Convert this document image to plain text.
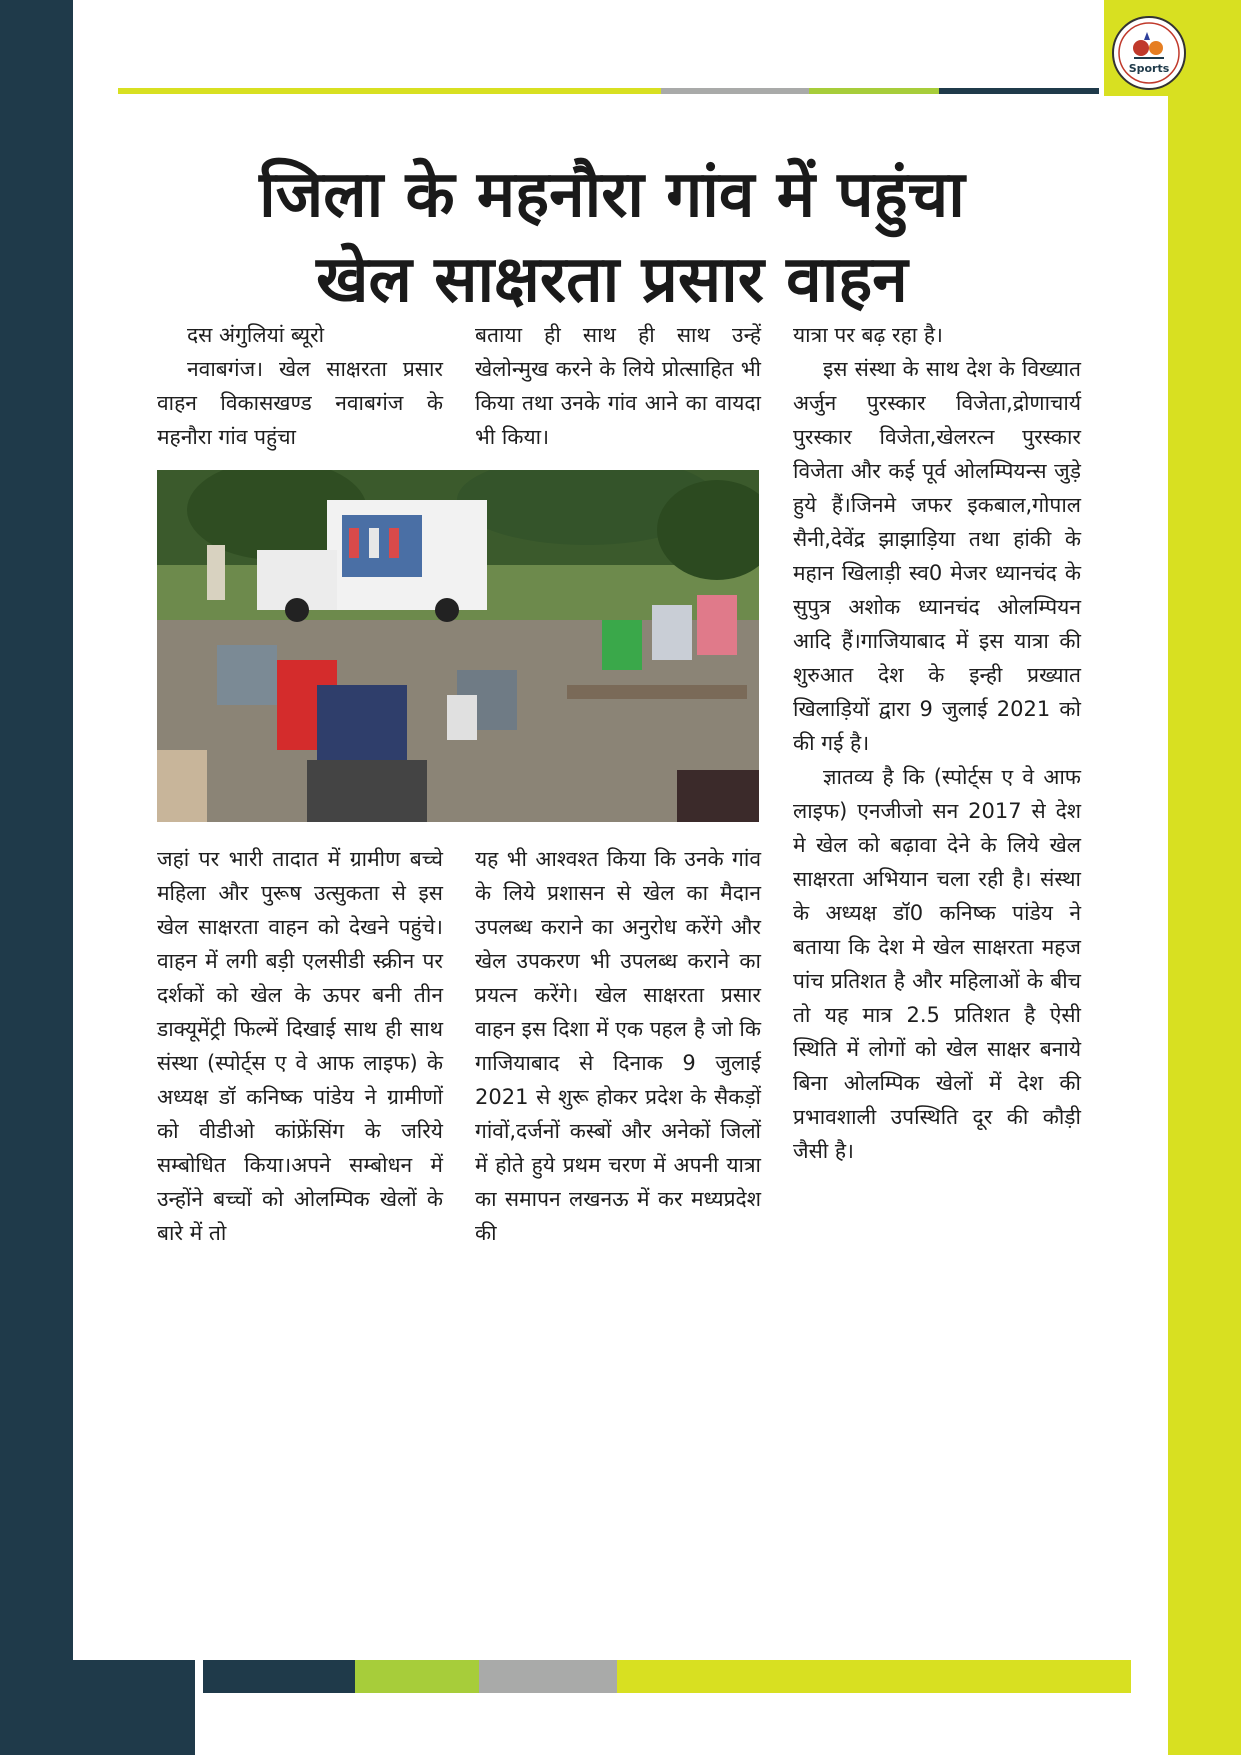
Sports
जिला के महनौरा गांव में पहुंचा
खेल साक्षरता प्रसार वाहन

दस अंगुलियां ब्यूरो

नवाबगंज। खेल साक्षरता प्रसार वाहन विकासखण्ड नवाबगंज के महनौरा गांव पहुंचा

बताया ही साथ ही साथ उन्हें खेलोन्मुख करने के लिये प्रोत्साहित भी किया तथा उनके गांव आने का वायदा भी किया।

यात्रा पर बढ़ रहा है।

इस संस्था के साथ देश के विख्यात अर्जुन पुरस्कार विजेता,द्रोणाचार्य पुरस्कार विजेता,खेलरत्न पुरस्कार विजेता और कई पूर्व ओलम्पियन्स जुड़े हुये हैं।जिनमे जफर इकबाल,गोपाल सैनी,देवेंद्र झाझाड़िया तथा हांकी के महान खिलाड़ी स्व0 मेजर ध्यानचंद के सुपुत्र अशोक ध्यानचंद ओलम्पियन आदि हैं।गाजियाबाद में इस यात्रा की शुरुआत देश के इन्ही प्रख्यात खिलाड़ियों द्वारा 9 जुलाई 2021 को की गई है।

ज्ञातव्य है कि (स्पोर्ट्स ए वे आफ लाइफ) एनजीजो सन 2017 से देश मे खेल को बढ़ावा देने के लिये खेल साक्षरता अभियान चला रही है। संस्था के अध्यक्ष डॉ0 कनिष्क पांडेय ने बताया कि देश मे खेल साक्षरता महज पांच प्रतिशत है और महिलाओं के बीच तो यह मात्र 2.5 प्रतिशत है ऐसी स्थिति में लोगों को खेल साक्षर बनाये बिना ओलम्पिक खेलों में देश की प्रभावशाली उपस्थिति दूर की कौड़ी जैसी है।

जहां पर भारी तादात में ग्रामीण बच्चे महिला और पुरूष उत्सुकता से इस खेल साक्षरता वाहन को देखने पहुंचे। वाहन में लगी बड़ी एलसीडी स्क्रीन पर दर्शकों को खेल के ऊपर बनी तीन डाक्यूमेंट्री फिल्में दिखाई साथ ही साथ संस्था (स्पोर्ट्स ए वे आफ लाइफ) के अध्यक्ष डॉ कनिष्क पांडेय ने ग्रामीणों को वीडीओ कांफ्रेंसिंग के जरिये सम्बोधित किया।अपने सम्बोधन में उन्होंने बच्चों को ओलम्पिक खेलों के बारे में तो

यह भी आश्वश्त किया कि उनके गांव के लिये प्रशासन से खेल का मैदान उपलब्ध कराने का अनुरोध करेंगे और खेल उपकरण भी उपलब्ध कराने का प्रयत्न करेंगे। खेल साक्षरता प्रसार वाहन इस दिशा में एक पहल है जो कि गाजियाबाद से दिनाक 9 जुलाई 2021 से शुरू होकर प्रदेश के सैकड़ों गांवों,दर्जनों कस्बों और अनेकों जिलों में होते हुये प्रथम चरण में अपनी यात्रा का समापन लखनऊ में कर मध्यप्रदेश की
